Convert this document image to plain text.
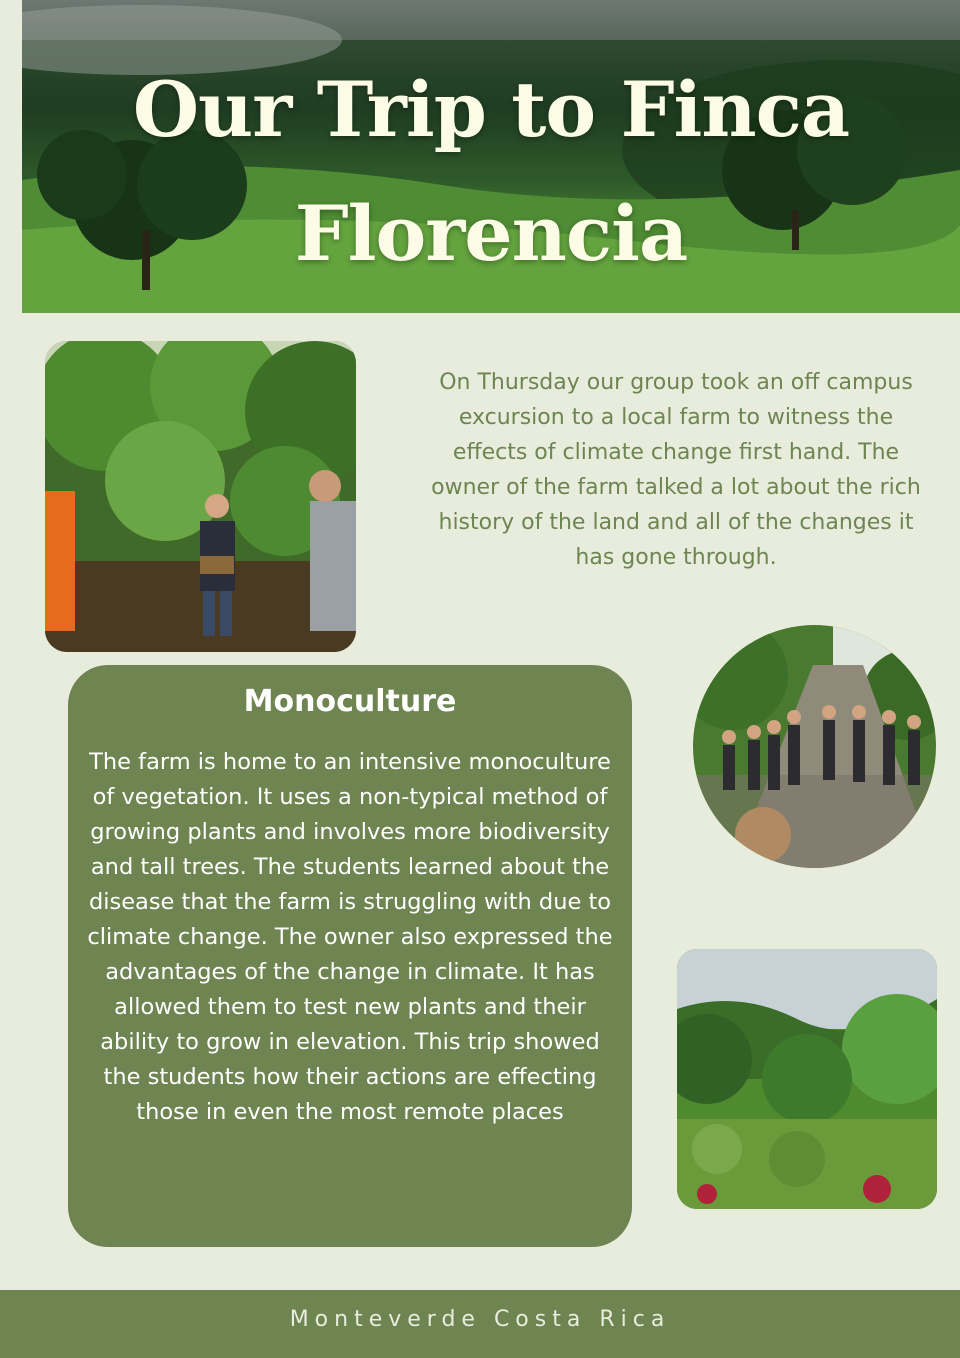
Our Trip to Finca Florencia

On Thursday our group took an off campus excursion to a local farm to witness the effects of climate change first hand. The owner of the farm talked a lot about the rich history of the land and all of the changes it has gone through.

Monoculture

The farm is home to an intensive monoculture of vegetation. It uses a non-typical method of growing plants and involves more biodiversity and tall trees. The students learned about the disease that the farm is struggling with due to climate change. The owner also expressed the advantages of the change in climate. It has allowed them to test new plants and their ability to grow in elevation. This trip showed the students how their actions are effecting those in even the most remote places

Monteverde Costa Rica
